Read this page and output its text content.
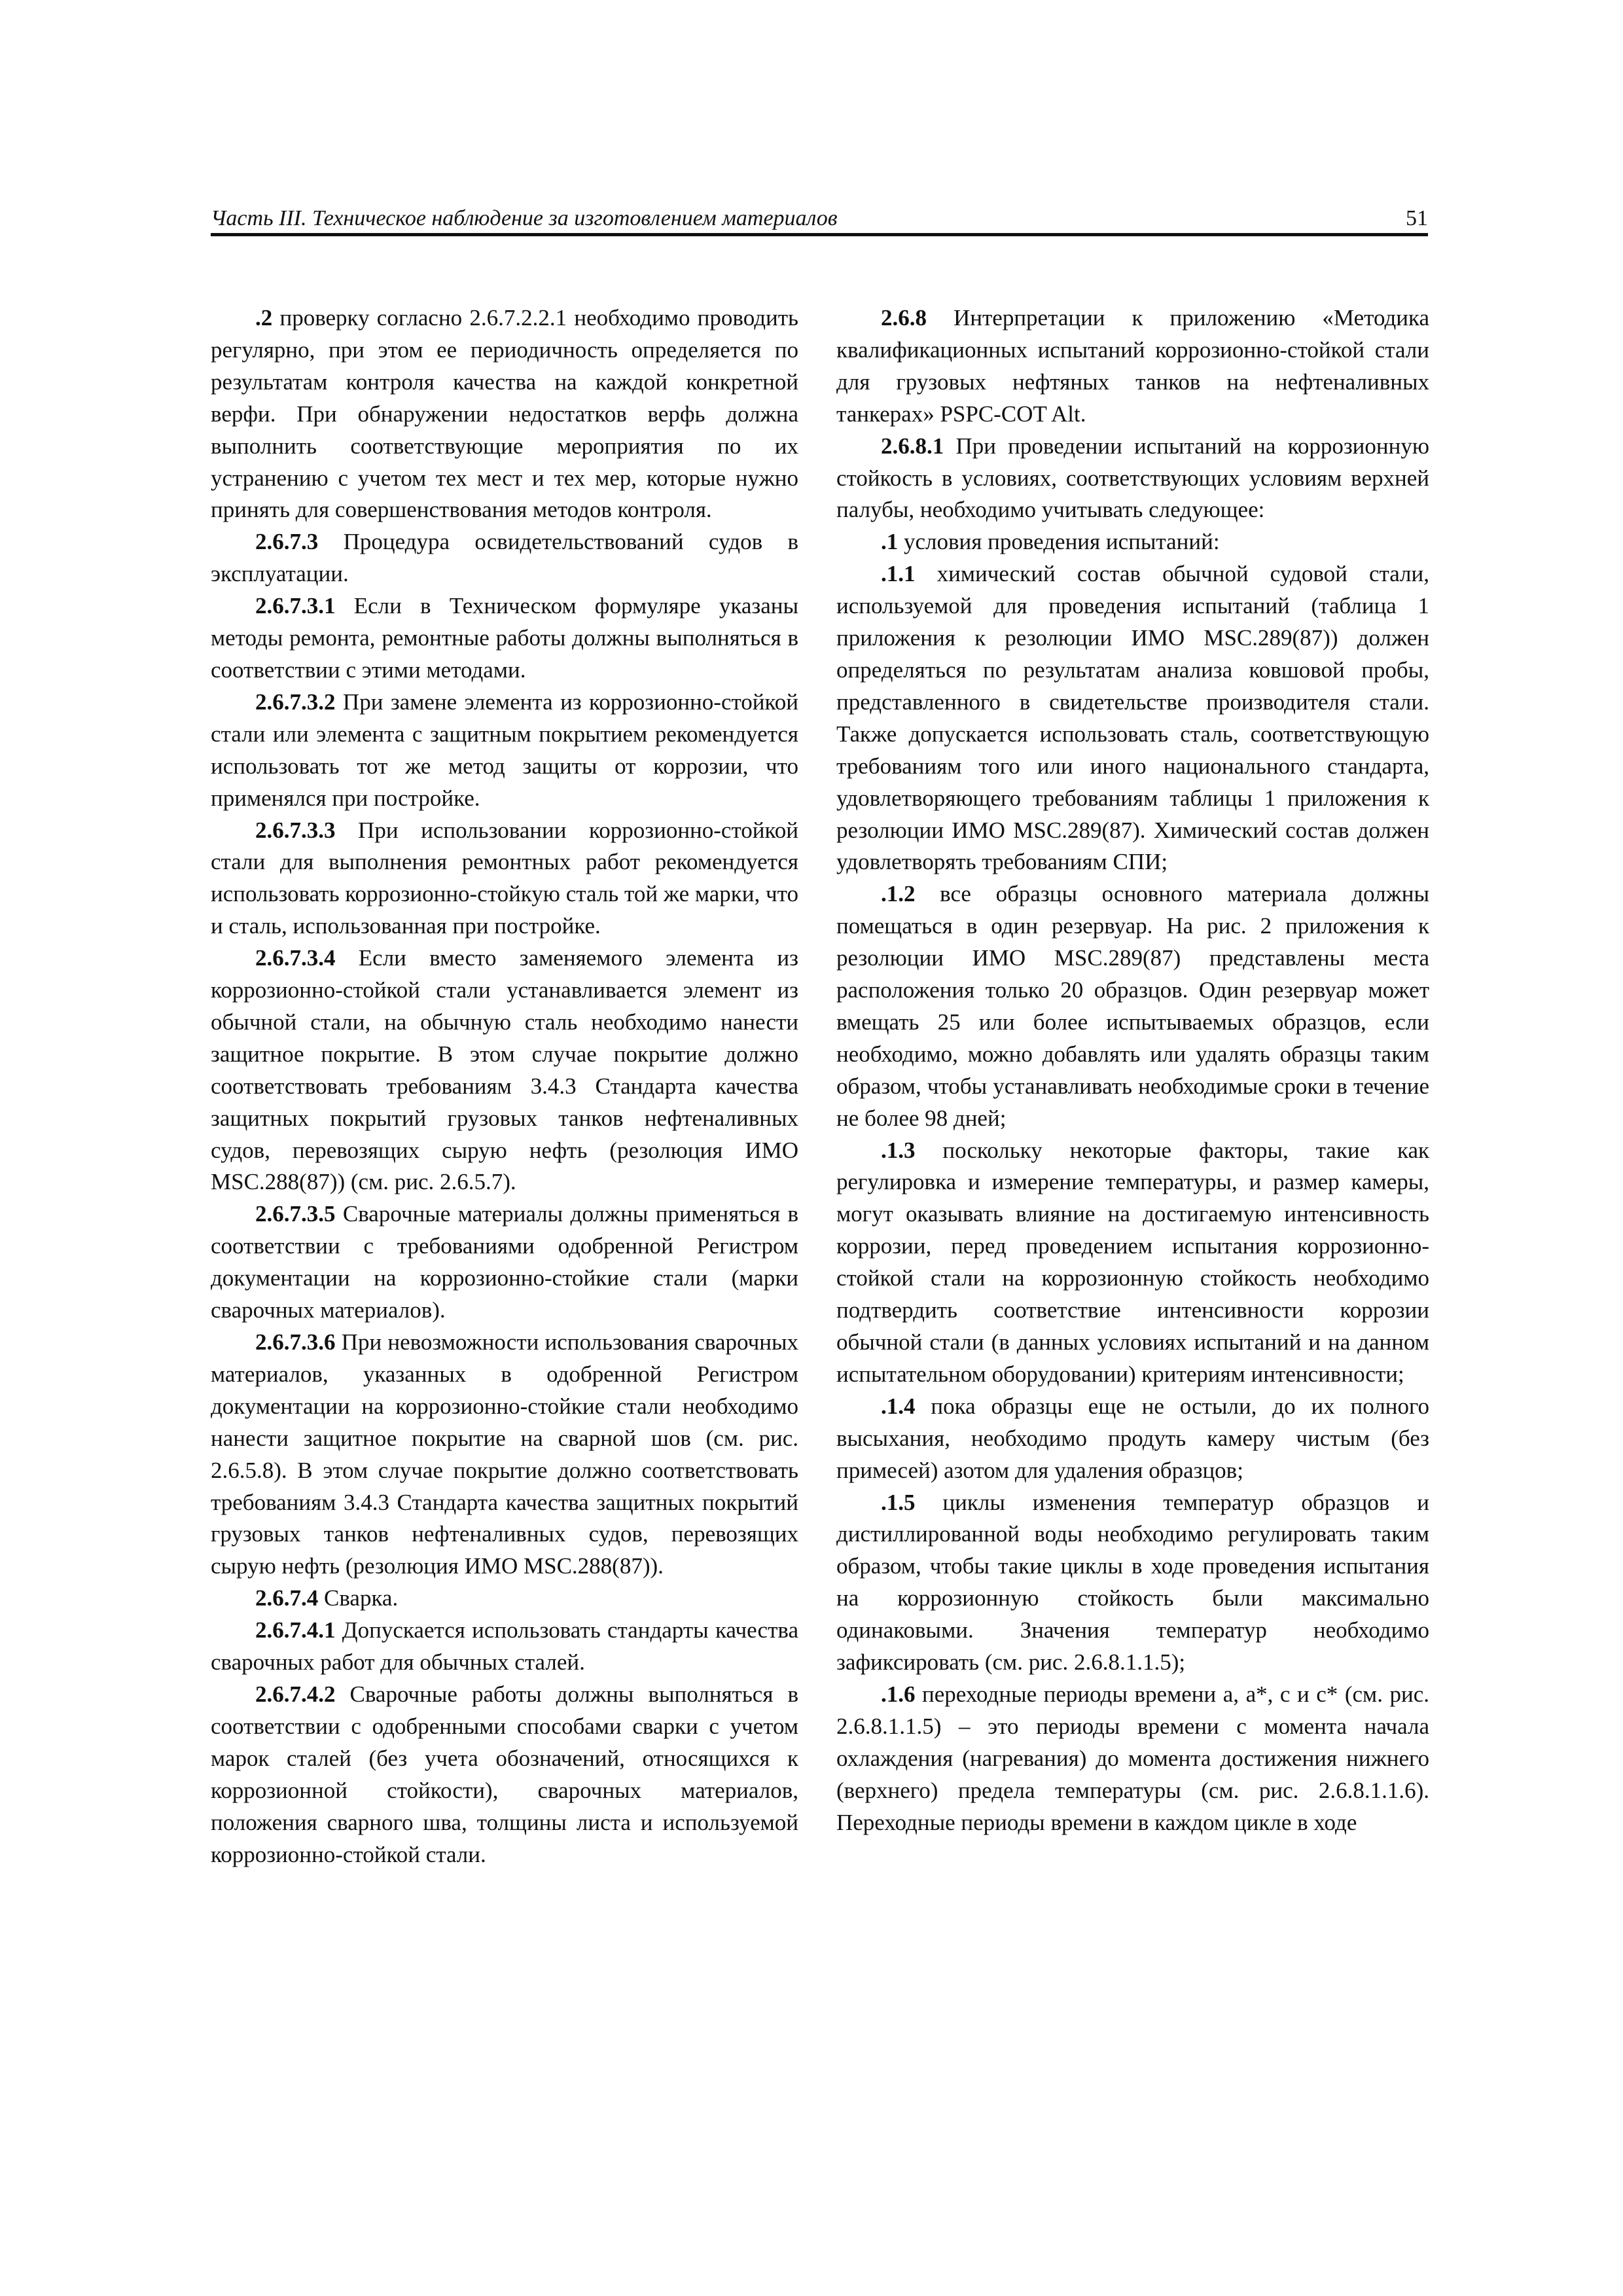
Часть III. Техническое наблюдение за изготовлением материалов	51

.2 проверку согласно 2.6.7.2.2.1 необходимо проводить регулярно, при этом ее периодичность определяется по результатам контроля качества на каждой конкретной верфи. При обнаружении недостатков верфь должна выполнить соответствующие мероприятия по их устранению с учетом тех мест и тех мер, которые нужно принять для совершенствования методов контроля.

2.6.7.3 Процедура освидетельствований судов в эксплуатации.

2.6.7.3.1 Если в Техническом формуляре указаны методы ремонта, ремонтные работы должны выполняться в соответствии с этими методами.

2.6.7.3.2 При замене элемента из коррозионно-стойкой стали или элемента с защитным покрытием рекомендуется использовать тот же метод защиты от коррозии, что применялся при постройке.

2.6.7.3.3 При использовании коррозионно-стойкой стали для выполнения ремонтных работ рекомендуется использовать коррозионно-стойкую сталь той же марки, что и сталь, использованная при постройке.

2.6.7.3.4 Если вместо заменяемого элемента из коррозионно-стойкой стали устанавливается элемент из обычной стали, на обычную сталь необходимо нанести защитное покрытие. В этом случае покрытие должно соответствовать требованиям 3.4.3 Стандарта качества защитных покрытий грузовых танков нефтеналивных судов, перевозящих сырую нефть (резолюция ИМО MSC.288(87)) (см. рис. 2.6.5.7).

2.6.7.3.5 Сварочные материалы должны применяться в соответствии с требованиями одобренной Регистром документации на коррозионно-стойкие стали (марки сварочных материалов).

2.6.7.3.6 При невозможности использования сварочных материалов, указанных в одобренной Регистром документации на коррозионно-стойкие стали необходимо нанести защитное покрытие на сварной шов (см. рис. 2.6.5.8). В этом случае покрытие должно соответствовать требованиям 3.4.3 Стандарта качества защитных покрытий грузовых танков нефтеналивных судов, перевозящих сырую нефть (резолюция ИМО MSC.288(87)).

2.6.7.4 Сварка.

2.6.7.4.1 Допускается использовать стандарты качества сварочных работ для обычных сталей.

2.6.7.4.2 Сварочные работы должны выполняться в соответствии с одобренными способами сварки с учетом марок сталей (без учета обозначений, относящихся к коррозионной стойкости), сварочных материалов, положения сварного шва, толщины листа и используемой коррозионно-стойкой стали.

2.6.8 Интерпретации к приложению «Методика квалификационных испытаний коррозионно-стойкой стали для грузовых нефтяных танков на нефтеналивных танкерах» PSPC-COT Alt.

2.6.8.1 При проведении испытаний на коррозионную стойкость в условиях, соответствующих условиям верхней палубы, необходимо учитывать следующее:

.1 условия проведения испытаний:

.1.1 химический состав обычной судовой стали, используемой для проведения испытаний (таблица 1 приложения к резолюции ИМО MSC.289(87)) должен определяться по результатам анализа ковшовой пробы, представленного в свидетельстве производителя стали. Также допускается использовать сталь, соответствующую требованиям того или иного национального стандарта, удовлетворяющего требованиям таблицы 1 приложения к резолюции ИМО MSC.289(87). Химический состав должен удовлетворять требованиям СПИ;

.1.2 все образцы основного материала должны помещаться в один резервуар. На рис. 2 приложения к резолюции ИМО MSC.289(87) представлены места расположения только 20 образцов. Один резервуар может вмещать 25 или более испытываемых образцов, если необходимо, можно добавлять или удалять образцы таким образом, чтобы устанавливать необходимые сроки в течение не более 98 дней;

.1.3 поскольку некоторые факторы, такие как регулировка и измерение температуры, и размер камеры, могут оказывать влияние на достигаемую интенсивность коррозии, перед проведением испытания коррозионно-стойкой стали на коррозионную стойкость необходимо подтвердить соответствие интенсивности коррозии обычной стали (в данных условиях испытаний и на данном испытательном оборудовании) критериям интенсивности;

.1.4 пока образцы еще не остыли, до их полного высыхания, необходимо продуть камеру чистым (без примесей) азотом для удаления образцов;

.1.5 циклы изменения температур образцов и дистиллированной воды необходимо регулировать таким образом, чтобы такие циклы в ходе проведения испытания на коррозионную стойкость были максимально одинаковыми. Значения температур необходимо зафиксировать (см. рис. 2.6.8.1.1.5);

.1.6 переходные периоды времени a, a*, c и c* (см. рис. 2.6.8.1.1.5) – это периоды времени с момента начала охлаждения (нагревания) до момента достижения нижнего (верхнего) предела температуры (см. рис. 2.6.8.1.1.6). Переходные периоды времени в каждом цикле в ходе
